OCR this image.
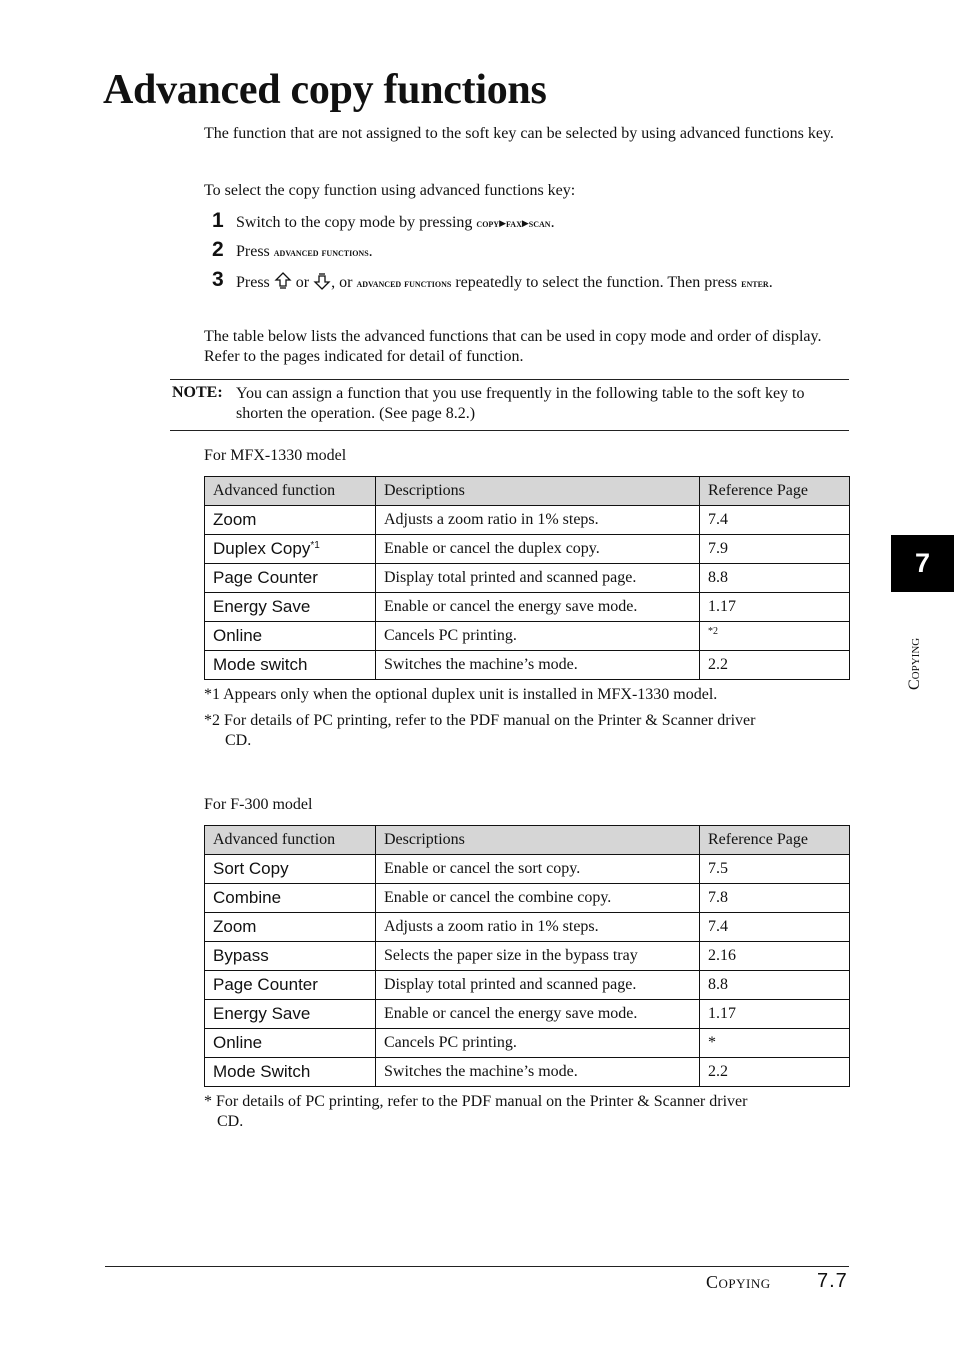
Advanced copy functions

The function that are not assigned to the soft key can be selected by using advanced functions key.

To select the copy function using advanced functions key:

1 Switch to the copy mode by pressing copy▶fax▶scan.
2 Press advanced functions.
3 Press  or , or advanced functions repeatedly to select the function. Then press enter.

The table below lists the advanced functions that can be used in copy mode and order of display. Refer to the pages indicated for detail of function.

NOTE: You can assign a function that you use frequently in the following table to the soft key to shorten the operation. (See page 8.2.)
For MFX-1330 model
Advanced function	Descriptions	Reference Page
Zoom	Adjusts a zoom ratio in 1% steps.	7.4
Duplex Copy$^{*1}$	Enable or cancel the duplex copy.	7.9
Page Counter	Display total printed and scanned page.	8.8
Energy Save	Enable or cancel the energy save mode.	1.17
Online	Cancels PC printing.	$^{*2}$
Mode switch	Switches the machine’s mode.	2.2
*1 Appears only when the optional duplex unit is installed in MFX-1330 model.
*2 For details of PC printing, refer to the PDF manual on the Printer & Scanner driver
CD.
For F-300 model
Advanced function	Descriptions	Reference Page
Sort Copy	Enable or cancel the sort copy.	7.5
Combine	Enable or cancel the combine copy.	7.8
Zoom	Adjusts a zoom ratio in 1% steps.	7.4
Bypass	Selects the paper size in the bypass tray	2.16
Page Counter	Display total printed and scanned page.	8.8
Energy Save	Enable or cancel the energy save mode.	1.17
Online	Cancels PC printing.	*
Mode Switch	Switches the machine’s mode.	2.2
* For details of PC printing, refer to the PDF manual on the Printer & Scanner driver
CD.
7
Copying
Copying 7.7
